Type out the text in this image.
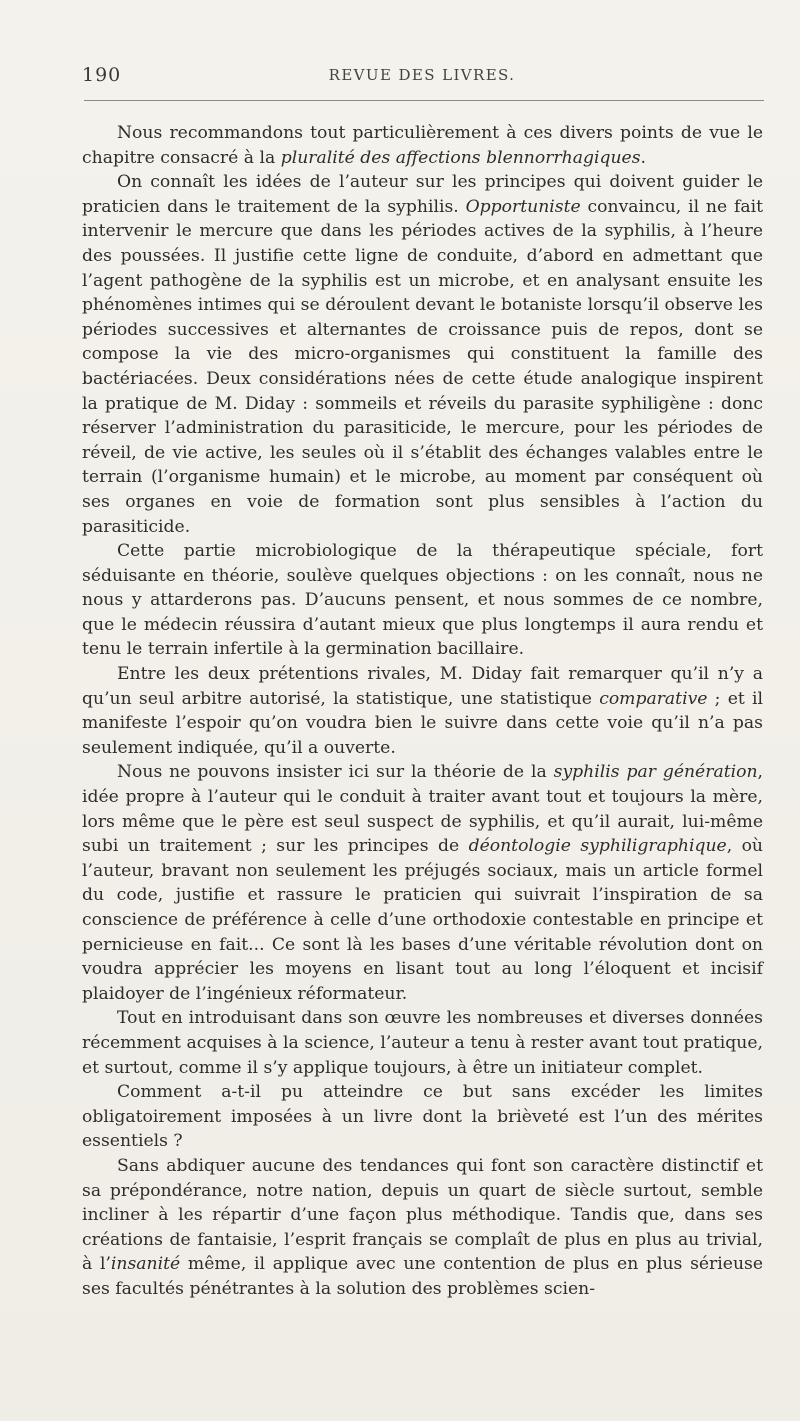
190	REVUE DES LIVRES.

Nous recommandons tout particulièrement à ces divers points de vue le chapitre consacré à la pluralité des affections blennorrhagiques.

On connaît les idées de l’auteur sur les principes qui doivent guider le praticien dans le traitement de la syphilis. Opportuniste convaincu, il ne fait intervenir le mercure que dans les périodes actives de la syphilis, à l’heure des poussées. Il justifie cette ligne de conduite, d’abord en admettant que l’agent pathogène de la syphilis est un microbe, et en analysant ensuite les phénomènes intimes qui se déroulent devant le botaniste lorsqu’il observe les périodes successives et alternantes de croissance puis de repos, dont se compose la vie des micro-organismes qui constituent la famille des bactériacées. Deux considérations nées de cette étude analogique inspirent la pratique de M. Diday : sommeils et réveils du parasite syphiligène : donc réserver l’administration du parasiticide, le mercure, pour les périodes de réveil, de vie active, les seules où il s’établit des échanges valables entre le terrain (l’organisme humain) et le microbe, au moment par conséquent où ses organes en voie de formation sont plus sensibles à l’action du parasiticide.

Cette partie microbiologique de la thérapeutique spéciale, fort séduisante en théorie, soulève quelques objections : on les connaît, nous ne nous y attarderons pas. D’aucuns pensent, et nous sommes de ce nombre, que le médecin réussira d’autant mieux que plus longtemps il aura rendu et tenu le terrain infertile à la germination bacillaire.

Entre les deux prétentions rivales, M. Diday fait remarquer qu’il n’y a qu’un seul arbitre autorisé, la statistique, une statistique comparative ; et il manifeste l’espoir qu’on voudra bien le suivre dans cette voie qu’il n’a pas seulement indiquée, qu’il a ouverte.

Nous ne pouvons insister ici sur la théorie de la syphilis par génération, idée propre à l’auteur qui le conduit à traiter avant tout et toujours la mère, lors même que le père est seul suspect de syphilis, et qu’il aurait, lui-même subi un traitement ; sur les principes de déontologie syphiligraphique, où l’auteur, bravant non seulement les préjugés sociaux, mais un article formel du code, justifie et rassure le praticien qui suivrait l’inspiration de sa conscience de préférence à celle d’une orthodoxie contestable en principe et pernicieuse en fait... Ce sont là les bases d’une véritable révolution dont on voudra apprécier les moyens en lisant tout au long l’éloquent et incisif plaidoyer de l’ingénieux réformateur.

Tout en introduisant dans son œuvre les nombreuses et diverses données récemment acquises à la science, l’auteur a tenu à rester avant tout pratique, et surtout, comme il s’y applique toujours, à être un initiateur complet.

Comment a-t-il pu atteindre ce but sans excéder les limites obligatoirement imposées à un livre dont la brièveté est l’un des mérites essentiels ?

Sans abdiquer aucune des tendances qui font son caractère distinctif et sa prépondérance, notre nation, depuis un quart de siècle surtout, semble incliner à les répartir d’une façon plus méthodique. Tandis que, dans ses créations de fantaisie, l’esprit français se complaît de plus en plus au trivial, à l’insanité même, il applique avec une contention de plus en plus sérieuse ses facultés pénétrantes à la solution des problèmes scien-
